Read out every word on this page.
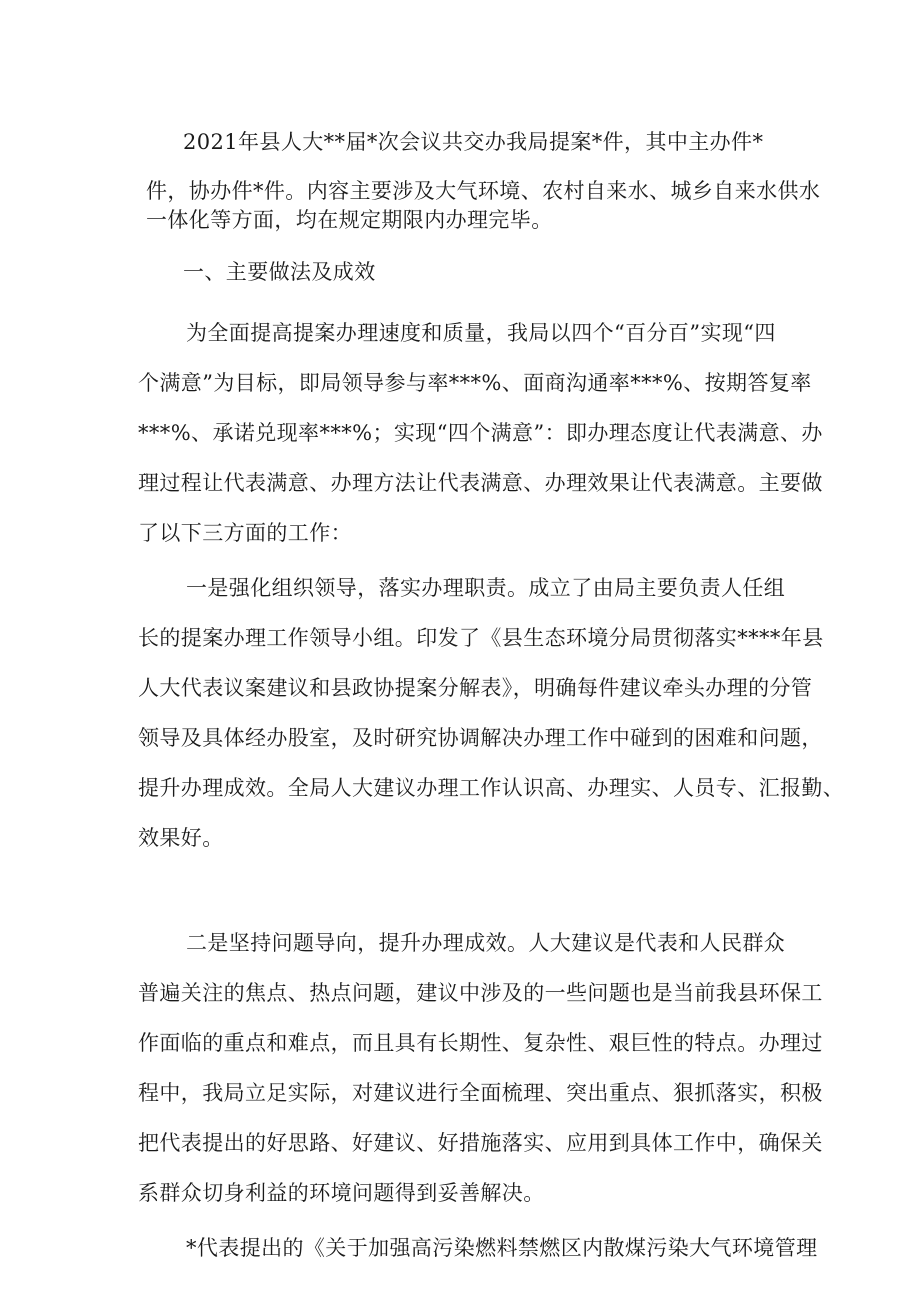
2021年县人大**届*次会议共交办我局提案*件，其中主办件*
件，协办件*件。内容主要涉及大气环境、农村自来水、城乡自来水供水
一体化等方面，均在规定期限内办理完毕。
一、主要做法及成效
为全面提高提案办理速度和质量，我局以四个“百分百”实现“四
个满意”为目标，即局领导参与率***%、面商沟通率***%、按期答复率
***%、承诺兑现率***%；实现“四个满意”：即办理态度让代表满意、办
理过程让代表满意、办理方法让代表满意、办理效果让代表满意。主要做
了以下三方面的工作：
一是强化组织领导，落实办理职责。成立了由局主要负责人任组
长的提案办理工作领导小组。印发了《县生态环境分局贯彻落实****年县
人大代表议案建议和县政协提案分解表》，明确每件建议牵头办理的分管
领导及具体经办股室，及时研究协调解决办理工作中碰到的困难和问题，
提升办理成效。全局人大建议办理工作认识高、办理实、人员专、汇报勤、
效果好。
二是坚持问题导向，提升办理成效。人大建议是代表和人民群众
普遍关注的焦点、热点问题，建议中涉及的一些问题也是当前我县环保工
作面临的重点和难点，而且具有长期性、复杂性、艰巨性的特点。办理过
程中，我局立足实际，对建议进行全面梳理、突出重点、狠抓落实，积极
把代表提出的好思路、好建议、好措施落实、应用到具体工作中，确保关
系群众切身利益的环境问题得到妥善解决。
*代表提出的《关于加强高污染燃料禁燃区内散煤污染大气环境管理
